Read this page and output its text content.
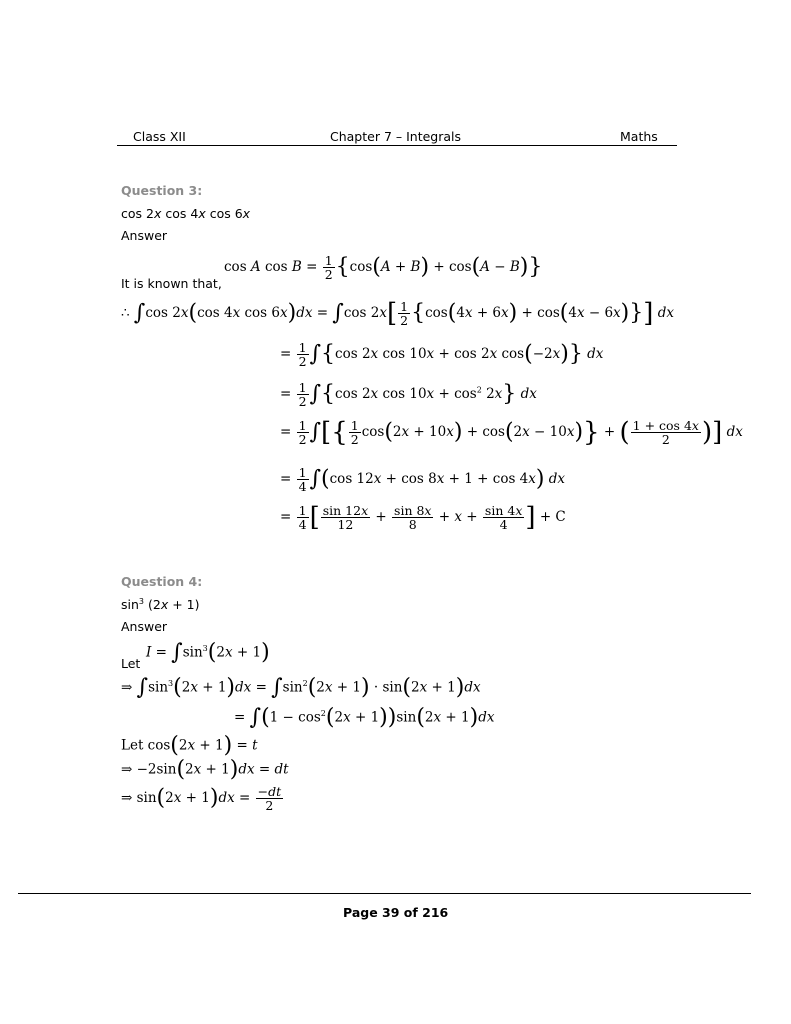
Class XII	Chapter 7 – Integrals	Maths
Question 3:
cos 2x cos 4x cos 6x
Answer
cos A $\cos B = \frac{1}{2} \{\cos(A + B) + \cos(A - B)\}$
It is known that,
∴ ∫cos 2x(cos 4x cos 6x)dx = ∫cos $2x[ \frac{1}{2} \{\cos(4x + 6x) + \cos(4x - 6x)\}]$ dx
= $\frac{1}{2} \int\{\cos$ 2x cos 10x + cos 2x cos(−2x)} dx
= $\frac{1}{2} \int\{\cos$ 2x $\cos 10x + \cos^2 2x$} dx
= $\frac{1}{2}$ ∫[{ $\frac{1}{2} \cos(2x + 10x) + \cos(2x - 10x)$} + ( $\frac{1 + \cos 4x}{2}$ )] dx
= $\frac{1}{4} \int(\cos$ 12x + cos 8x + 1 + cos 4x) dx
= $\frac{1}{4}$ [ $\frac{\sin 12x}{12} + \frac{\sin 8x}{8} + x + \frac{\sin 4x}{4}$ ] + C
Question 4:
$\sin^3 (2x + 1)$
Answer
Let
$I = \int\sin^3(2x + 1)$
⇒ $\int\sin^3(2x + 1)dx = \int\sin^2(2x + 1) \cdot \sin(2x + 1)dx$
= $\int(1 - \cos^2(2x + 1))\sin(2x + 1)dx$
Let cos(2x + 1) = t
⇒ −2sin(2x + 1)dx = dt
⇒ $\sin(2x + 1)dx = \frac{-dt}{2}$
Page 39 of 216
